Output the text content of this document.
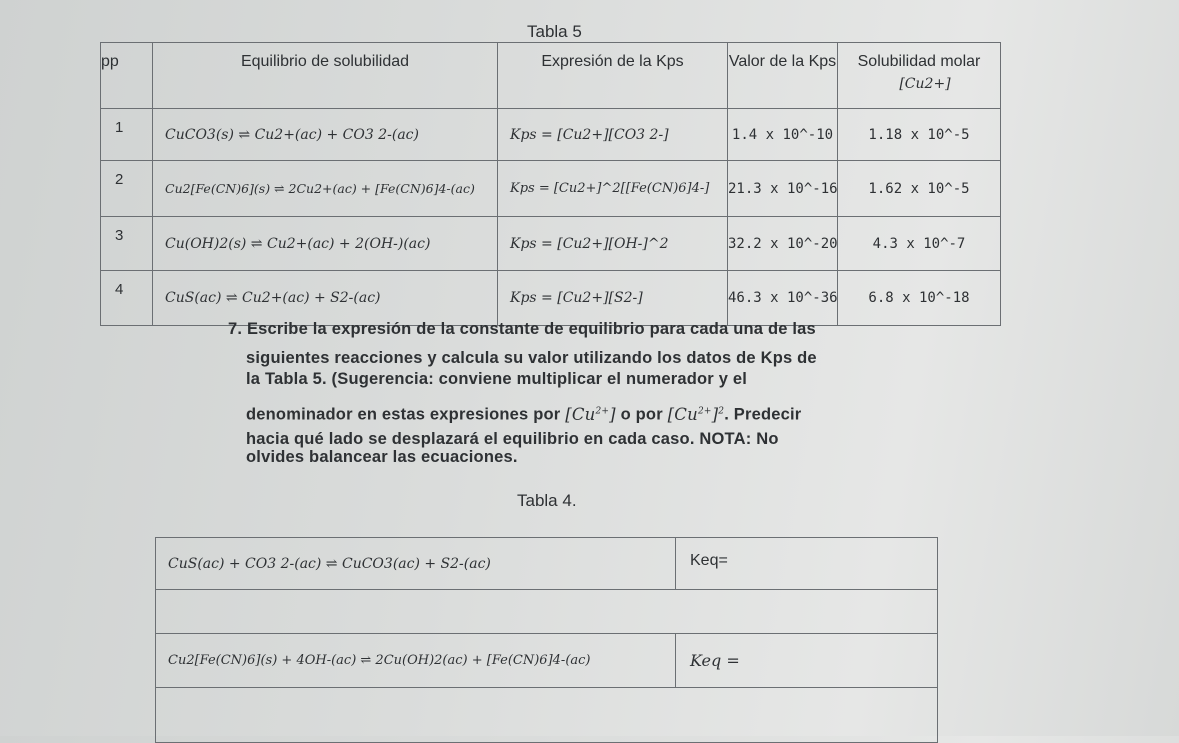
Tabla 5
pp	Equilibrio de solubilidad	Expresión de la Kps	Valor de la Kps	Solubilidad molar
[Cu2+]

1	CuCO3(s) ⇌ Cu2+(ac) + CO3 2-(ac)	Kps = [Cu2+][CO3 2-]	1.4 x 10^-10	1.18 x 10^-5
2	Cu2[Fe(CN)6](s) ⇌ 2Cu2+(ac) + [Fe(CN)6]4-(ac)	Kps = [Cu2+]^2[[Fe(CN)6]4-]	21.3 x 10^-16	1.62 x 10^-5
3	Cu(OH)2(s) ⇌ Cu2+(ac) + 2(OH-)(ac)	Kps = [Cu2+][OH-]^2	32.2 x 10^-20	4.3 x 10^-7
4	CuS(ac) ⇌ Cu2+(ac) + S2-(ac)	Kps = [Cu2+][S2-]	46.3 x 10^-36	6.8 x 10^-18
7. Escribe la expresión de la constante de equilibrio para cada una de las
siguientes reacciones y calcula su valor utilizando los datos de Kps de
la Tabla 5. (Sugerencia: conviene multiplicar el numerador y el
denominador en estas expresiones por $[Cu^{2+}]$ o por $[Cu^{2+}]^2$. Predecir
hacia qué lado se desplazará el equilibrio en cada caso. NOTA: No
olvides balancear las ecuaciones.
Tabla 4.
CuS(ac) + CO3 2-(ac) ⇌ CuCO3(ac) + S2-(ac)	Keq=

Cu2[Fe(CN)6](s) + 4OH-(ac) ⇌ 2Cu(OH)2(ac) + [Fe(CN)6]4-(ac)	Keq =
